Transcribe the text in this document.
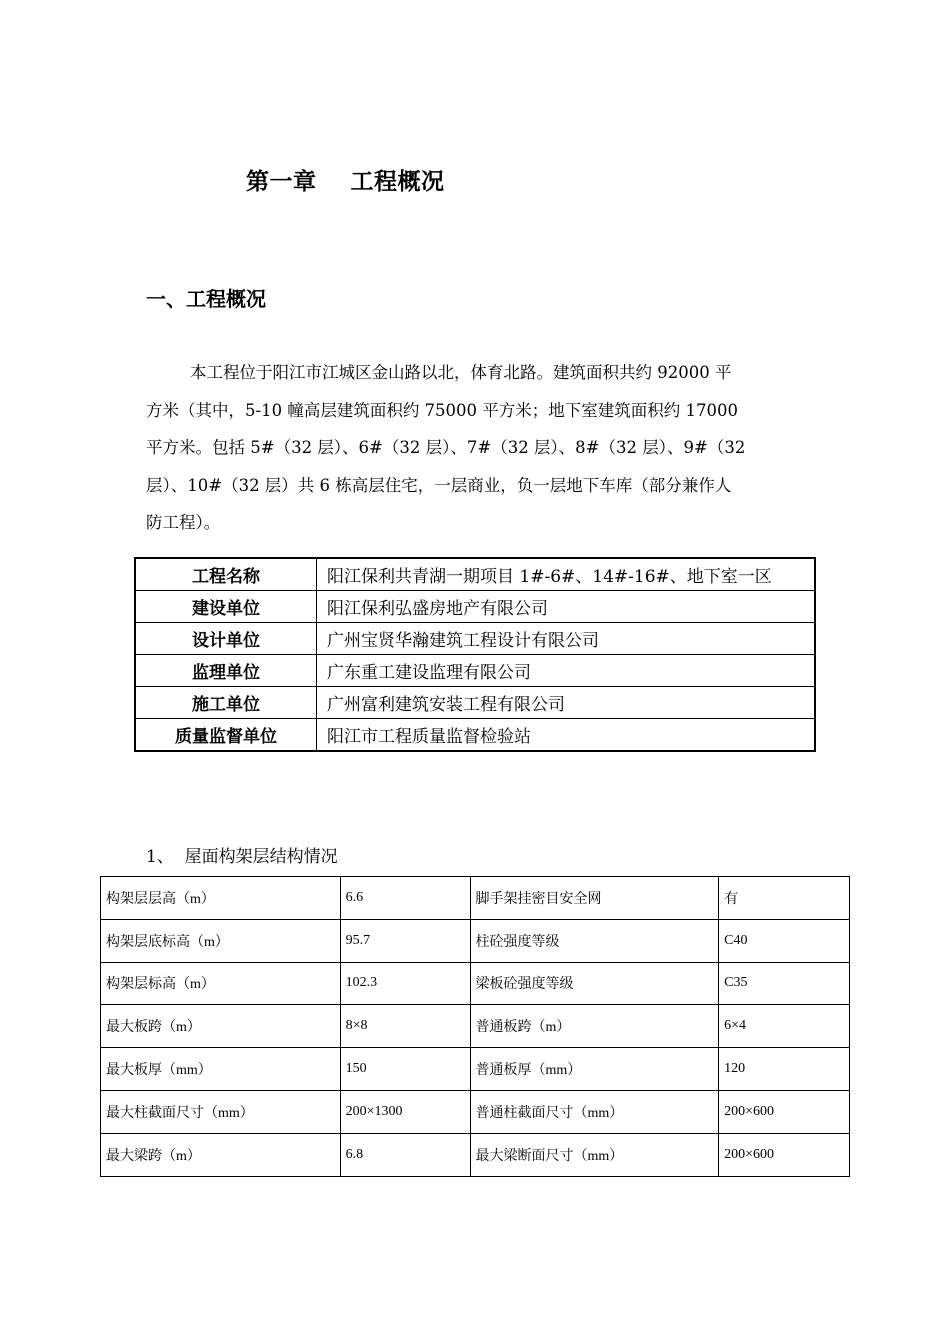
第一章    工程概况
一、工程概况
本工程位于阳江市江城区金山路以北，体育北路。建筑面积共约 92000 平
方米（其中，5-10 幢高层建筑面积约 75000 平方米；地下室建筑面积约 17000
平方米。包括 5#（32 层）、6#（32 层）、7#（32 层）、8#（32 层）、9#（32
层）、10#（32 层）共 6 栋高层住宅，一层商业，负一层地下车库（部分兼作人
防工程）。
工程名称	阳江保利共青湖一期项目 1#-6#、14#-16#、地下室一区
建设单位	阳江保利弘盛房地产有限公司
设计单位	广州宝贤华瀚建筑工程设计有限公司
监理单位	广东重工建设监理有限公司
施工单位	广州富利建筑安装工程有限公司
质量监督单位	阳江市工程质量监督检验站
1、  屋面构架层结构情况
构架层层高（m）	6.6	脚手架挂密目安全网	有
构架层底标高（m）	95.7	柱砼强度等级	C40
构架层标高（m）	102.3	梁板砼强度等级	C35
最大板跨（m）	8×8	普通板跨（m）	6×4
最大板厚（mm）	150	普通板厚（mm）	120
最大柱截面尺寸（mm）	200×1300	普通柱截面尺寸（mm）	200×600
最大梁跨（m）	6.8	最大梁断面尺寸（mm）	200×600
